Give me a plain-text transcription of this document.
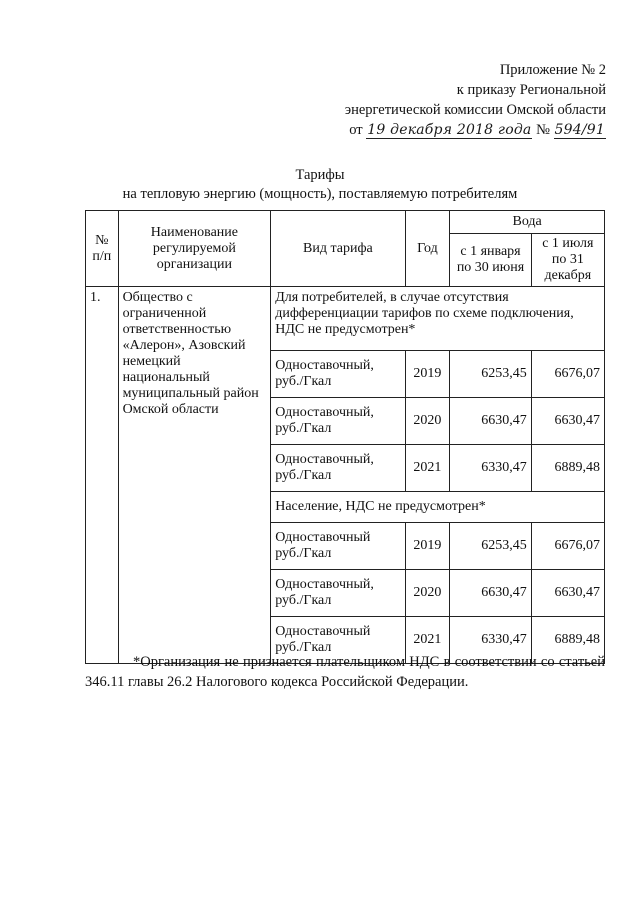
Приложение № 2
к приказу Региональной
энергетической комиссии Омской области
от 19 декабря 2018 года № 594/91
Тарифы
на тепловую энергию (мощность), поставляемую потребителям
№ п/п	Наименование регулируемой организации	Вид тарифа	Год	Вода	
				с 1 января по 30 июня	с 1 июля по 31 декабря
1.	Общество с ограниченной ответственностью «Алерон», Азовский немецкий национальный муниципальный район Омской области	Для потребителей, в случае отсутствия дифференциации тарифов по схеме подключения, НДС не предусмотрен*			
		Одноставочный, руб./Гкал	2019	6253,45	6676,07
		Одноставочный, руб./Гкал	2020	6630,47	6630,47
		Одноставочный, руб./Гкал	2021	6330,47	6889,48
		Население, НДС не предусмотрен*			
		Одноставочный руб./Гкал	2019	6253,45	6676,07
		Одноставочный, руб./Гкал	2020	6630,47	6630,47
		Одноставочный руб./Гкал	2021	6330,47	6889,48
*Организация не признается плательщиком НДС в соответствии со статьей 346.11 главы 26.2 Налогового кодекса Российской Федерации.
